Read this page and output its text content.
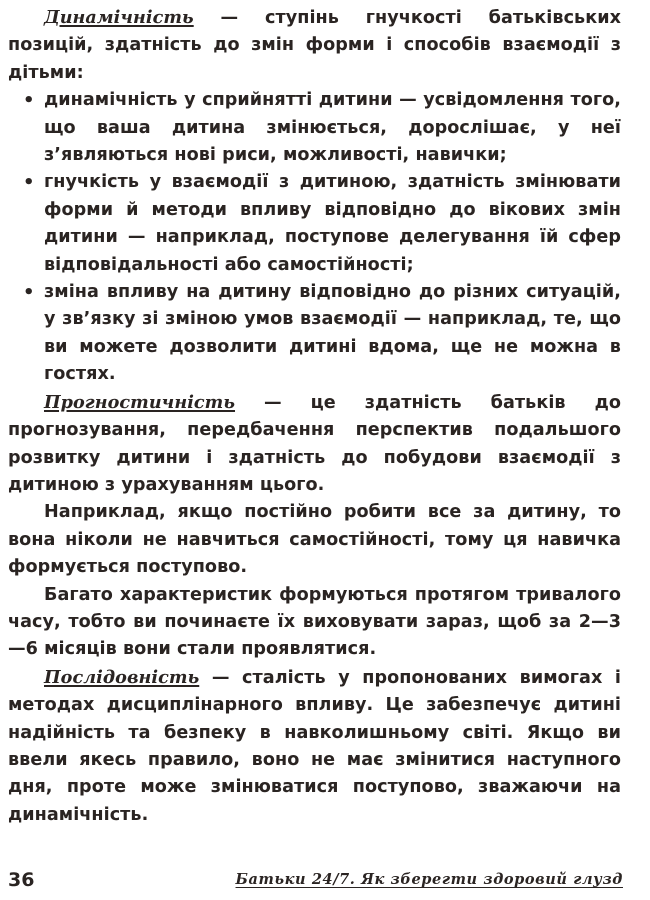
Динамічність — ступінь гнучкості батьківських позицій, здатність до змін форми і способів взаємодії з дітьми:

• динамічність у сприйнятті дитини — усвідомлення того, що ваша дитина змінюється, дорослішає, у неї з’являються нові риси, можливості, навички;
• гнучкість у взаємодії з дитиною, здатність змінювати форми й методи впливу відповідно до вікових змін дитини — наприклад, поступове делегування їй сфер відповідальності або самостійності;
• зміна впливу на дитину відповідно до різних ситуацій, у зв’язку зі зміною умов взаємодії — наприклад, те, що ви можете дозволити дитині вдома, ще не можна в гостях.

Прогностичність — це здатність батьків до прогнозування, передбачення перспектив подальшого розвитку дитини і здатність до побудови взаємодії з дитиною з урахуванням цього.

Наприклад, якщо постійно робити все за дитину, то вона ніколи не навчиться самостійності, тому ця навичка формується поступово.

Багато характеристик формуються протягом тривалого часу, тобто ви починаєте їх виховувати зараз, щоб за 2—3—6 місяців вони стали проявлятися.

Послідовність — сталість у пропонованих вимогах і методах дисциплінарного впливу. Це забезпечує дитині надійність та безпеку в навколишньому світі. Якщо ви ввели якесь правило, воно не має змінитися наступного дня, проте може змінюватися поступово, зважаючи на динамічність.

36	Батьки 24/7. Як зберегти здоровий глузд
